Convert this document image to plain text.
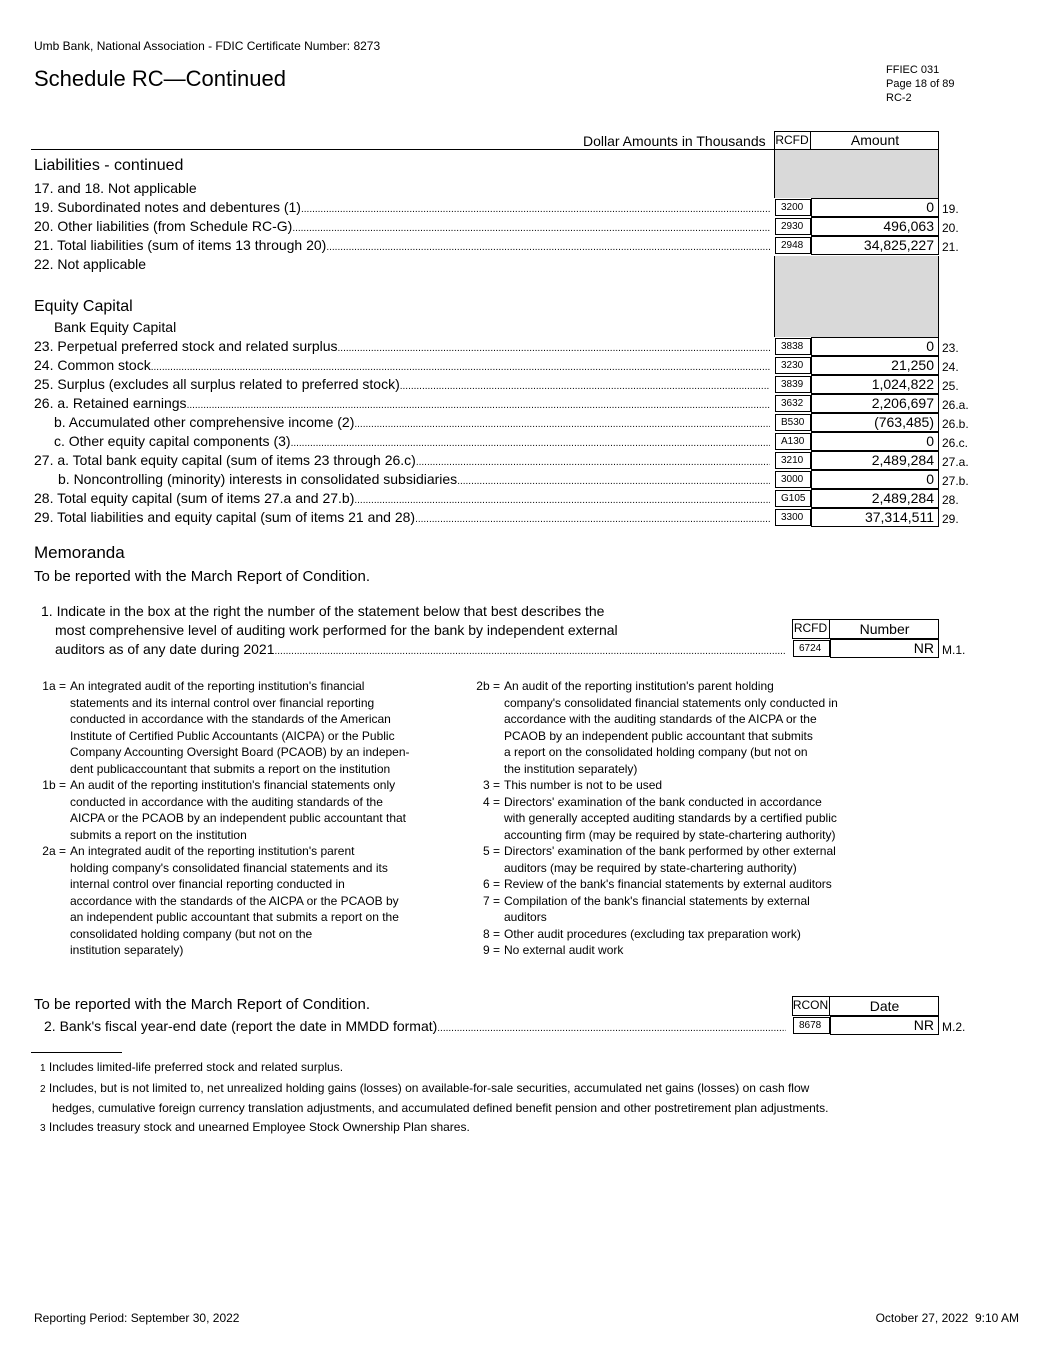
Umb Bank, National Association - FDIC Certificate Number: 8273
Schedule RC—Continued	FFIEC 031
Page 18 of 89
RC-2
Dollar Amounts in Thousands RCFD	Amount
Liabilities - continued
17. and 18. Not applicable
19. Subordinated notes and debentures (1) .....	3200	0 19.
20. Other liabilities (from Schedule RC-G) .....	2930	496,063 20.
21. Total liabilities (sum of items 13 through 20) .....	2948	34,825,227 21.
22. Not applicable
Equity Capital
Bank Equity Capital
23. Perpetual preferred stock and related surplus .....	3838	0 23.
24. Common stock .....	3230	21,250 24.
25. Surplus (excludes all surplus related to preferred stock) .....	3839	1,024,822 25.
26. a. Retained earnings .....	3632	2,206,697 26.a.
b. Accumulated other comprehensive income (2) .....	B530	(763,485) 26.b.
c. Other equity capital components (3) .....	A130	0 26.c.
27. a. Total bank equity capital (sum of items 23 through 26.c) .....	3210	2,489,284 27.a.
b. Noncontrolling (minority) interests in consolidated subsidiaries .....	3000	0 27.b.
28. Total equity capital (sum of items 27.a and 27.b) .....	G105	2,489,284 28.
29. Total liabilities and equity capital (sum of items 21 and 28) .....	3300	37,314,511 29.
Memoranda
To be reported with the March Report of Condition.
1. Indicate in the box at the right the number of the statement below that best describes the
most comprehensive level of auditing work performed for the bank by independent external
auditors as of any date during 2021
.....
RCFD	Number
6724	NR M.1.
1a = An integrated audit of the reporting institution's financial
statements and its internal control over financial reporting
conducted in accordance with the standards of the American
Institute of Certified Public Accountants (AICPA) or the Public
Company Accounting Oversight Board (PCAOB) by an indepen-
dent publicaccountant that submits a report on the institution
1b = An audit of the reporting institution's financial statements only
conducted in accordance with the auditing standards of the
AICPA or the PCAOB by an independent public accountant that
submits a report on the institution
2a = An integrated audit of the reporting institution's parent
holding company's consolidated financial statements and its
internal control over financial reporting conducted in
accordance with the standards of the AICPA or the PCAOB by
an independent public accountant that submits a report on the
consolidated holding company (but not on the
institution separately)
2b = An audit of the reporting institution's parent holding
company's consolidated financial statements only conducted in
accordance with the auditing standards of the AICPA or the
PCAOB by an independent public accountant that submits
a report on the consolidated holding company (but not on
the institution separately)
3 = This number is not to be used
4 = Directors' examination of the bank conducted in accordance
with generally accepted auditing standards by a certified public
accounting firm (may be required by state-chartering authority)
5 = Directors' examination of the bank performed by other external
auditors (may be required by state-chartering authority)
6 = Review of the bank's financial statements by external auditors
7 = Compilation of the bank's financial statements by external
auditors
8 = Other audit procedures (excluding tax preparation work)
9 = No external audit work
To be reported with the March Report of Condition.	RCON	Date
2. Bank's fiscal year-end date (report the date in MMDD format) .....	8678	NR M.2.
1 Includes limited-life preferred stock and related surplus.
2 Includes, but is not limited to, net unrealized holding gains (losses) on available-for-sale securities, accumulated net gains (losses) on cash flow
hedges, cumulative foreign currency translation adjustments, and accumulated defined benefit pension and other postretirement plan adjustments.
3 Includes treasury stock and unearned Employee Stock Ownership Plan shares.
Reporting Period: September 30, 2022	October 27, 2022  9:10 AM
